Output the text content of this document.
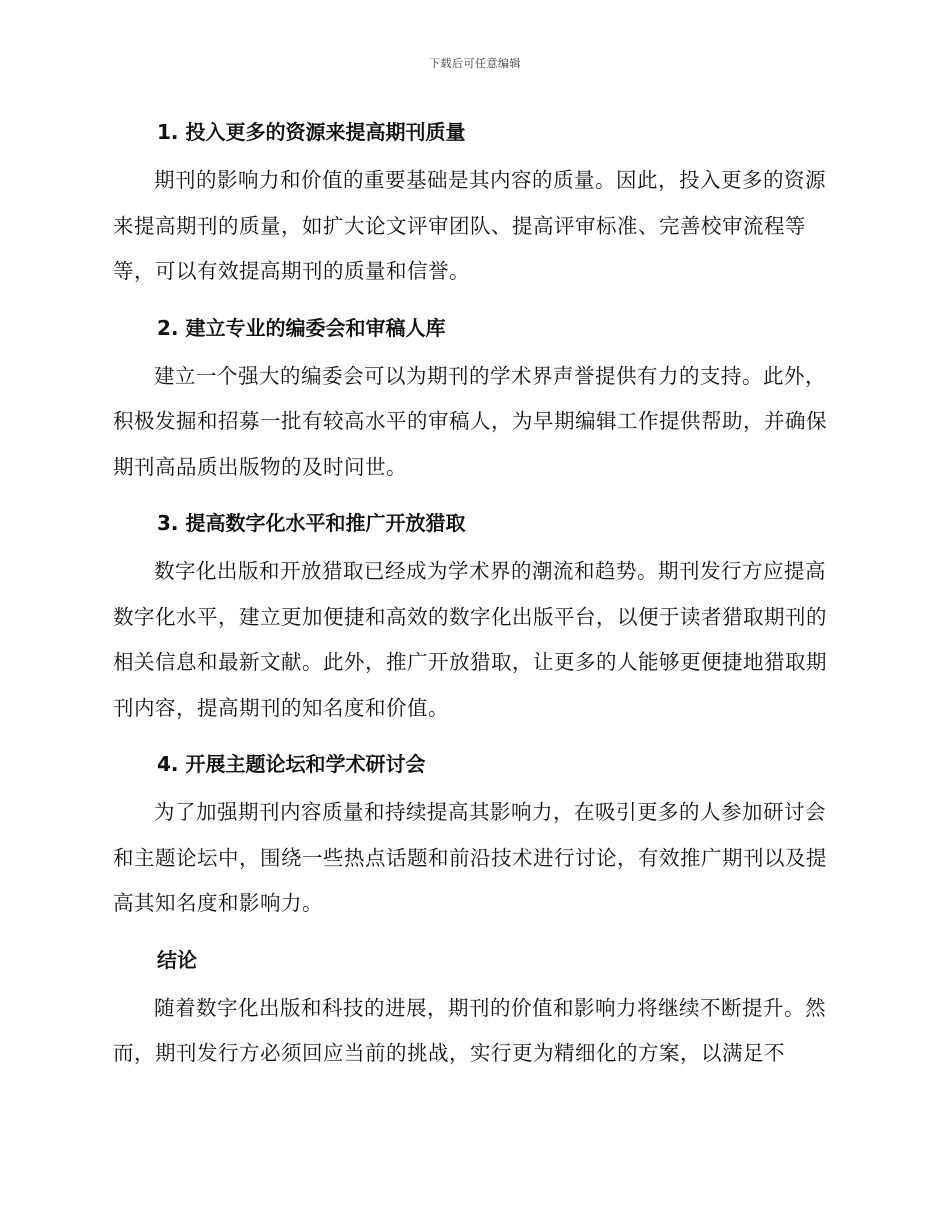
下载后可任意编辑
1. 投入更多的资源来提高期刊质量

期刊的影响力和价值的重要基础是其内容的质量。因此，投入更多的资源来提高期刊的质量，如扩大论文评审团队、提高评审标准、完善校审流程等等，可以有效提高期刊的质量和信誉。

2. 建立专业的编委会和审稿人库

建立一个强大的编委会可以为期刊的学术界声誉提供有力的支持。此外，积极发掘和招募一批有较高水平的审稿人，为早期编辑工作提供帮助，并确保期刊高品质出版物的及时问世。

3. 提高数字化水平和推广开放猎取

数字化出版和开放猎取已经成为学术界的潮流和趋势。期刊发行方应提高数字化水平，建立更加便捷和高效的数字化出版平台，以便于读者猎取期刊的相关信息和最新文献。此外，推广开放猎取，让更多的人能够更便捷地猎取期刊内容，提高期刊的知名度和价值。

4. 开展主题论坛和学术研讨会

为了加强期刊内容质量和持续提高其影响力，在吸引更多的人参加研讨会和主题论坛中，围绕一些热点话题和前沿技术进行讨论，有效推广期刊以及提高其知名度和影响力。

结论

随着数字化出版和科技的进展，期刊的价值和影响力将继续不断提升。然而，期刊发行方必须回应当前的挑战，实行更为精细化的方案，以满足不
